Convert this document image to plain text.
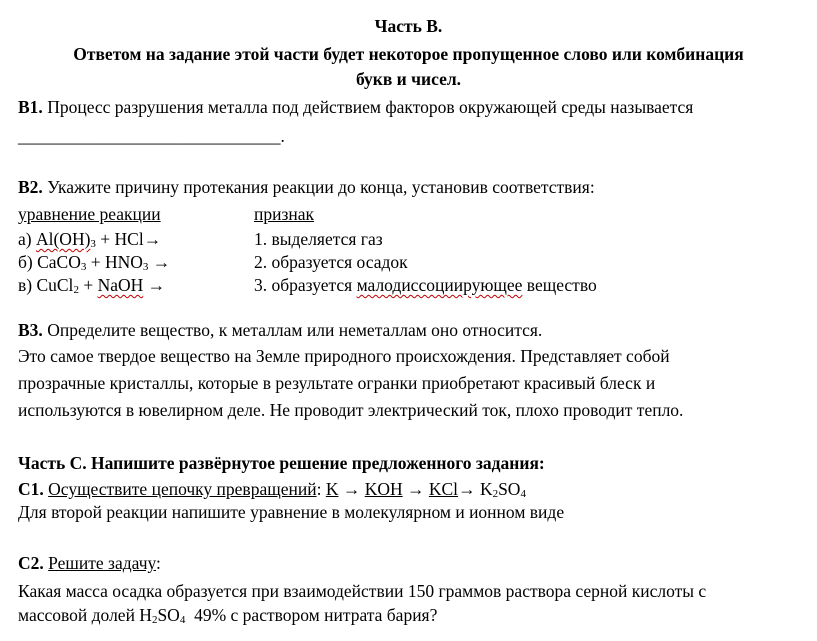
Часть В.
Ответом на задание этой части будет некоторое пропущенное слово или комбинация
букв и чисел.
В1. Процесс разрушения металла под действием факторов окружающей среды называется
______________________________.
В2. Укажите причину протекания реакции до конца, установив соответствия:
уравнение реакции	признак
а) $Al(OH)_3 + HCl\to$	1. выделяется газ
б) CaCO$_3$ + $HNO_3$ →	2. образуется осадок
в) CuCl$_2$ + NaOH →	3. образуется малодиссоциирующее вещество
В3. Определите вещество, к металлам или неметаллам оно относится.
Это самое твердое вещество на Земле природного происхождения. Представляет собой
прозрачные кристаллы, которые в результате огранки приобретают красивый блеск и
используются в ювелирном деле. Не проводит электрический ток, плохо проводит тепло.
Часть С. Напишите развёрнутое решение предложенного задания:
С1. Осуществите цепочку превращений: K → KOH → $KCl\to K_2SO_4$
Для второй реакции напишите уравнение в молекулярном и ионном виде
С2. Решите задачу:
Какая масса осадка образуется при взаимодействии 150 граммов раствора серной кислоты с
массовой долей $H_2SO_4$  49% с раствором нитрата бария?
